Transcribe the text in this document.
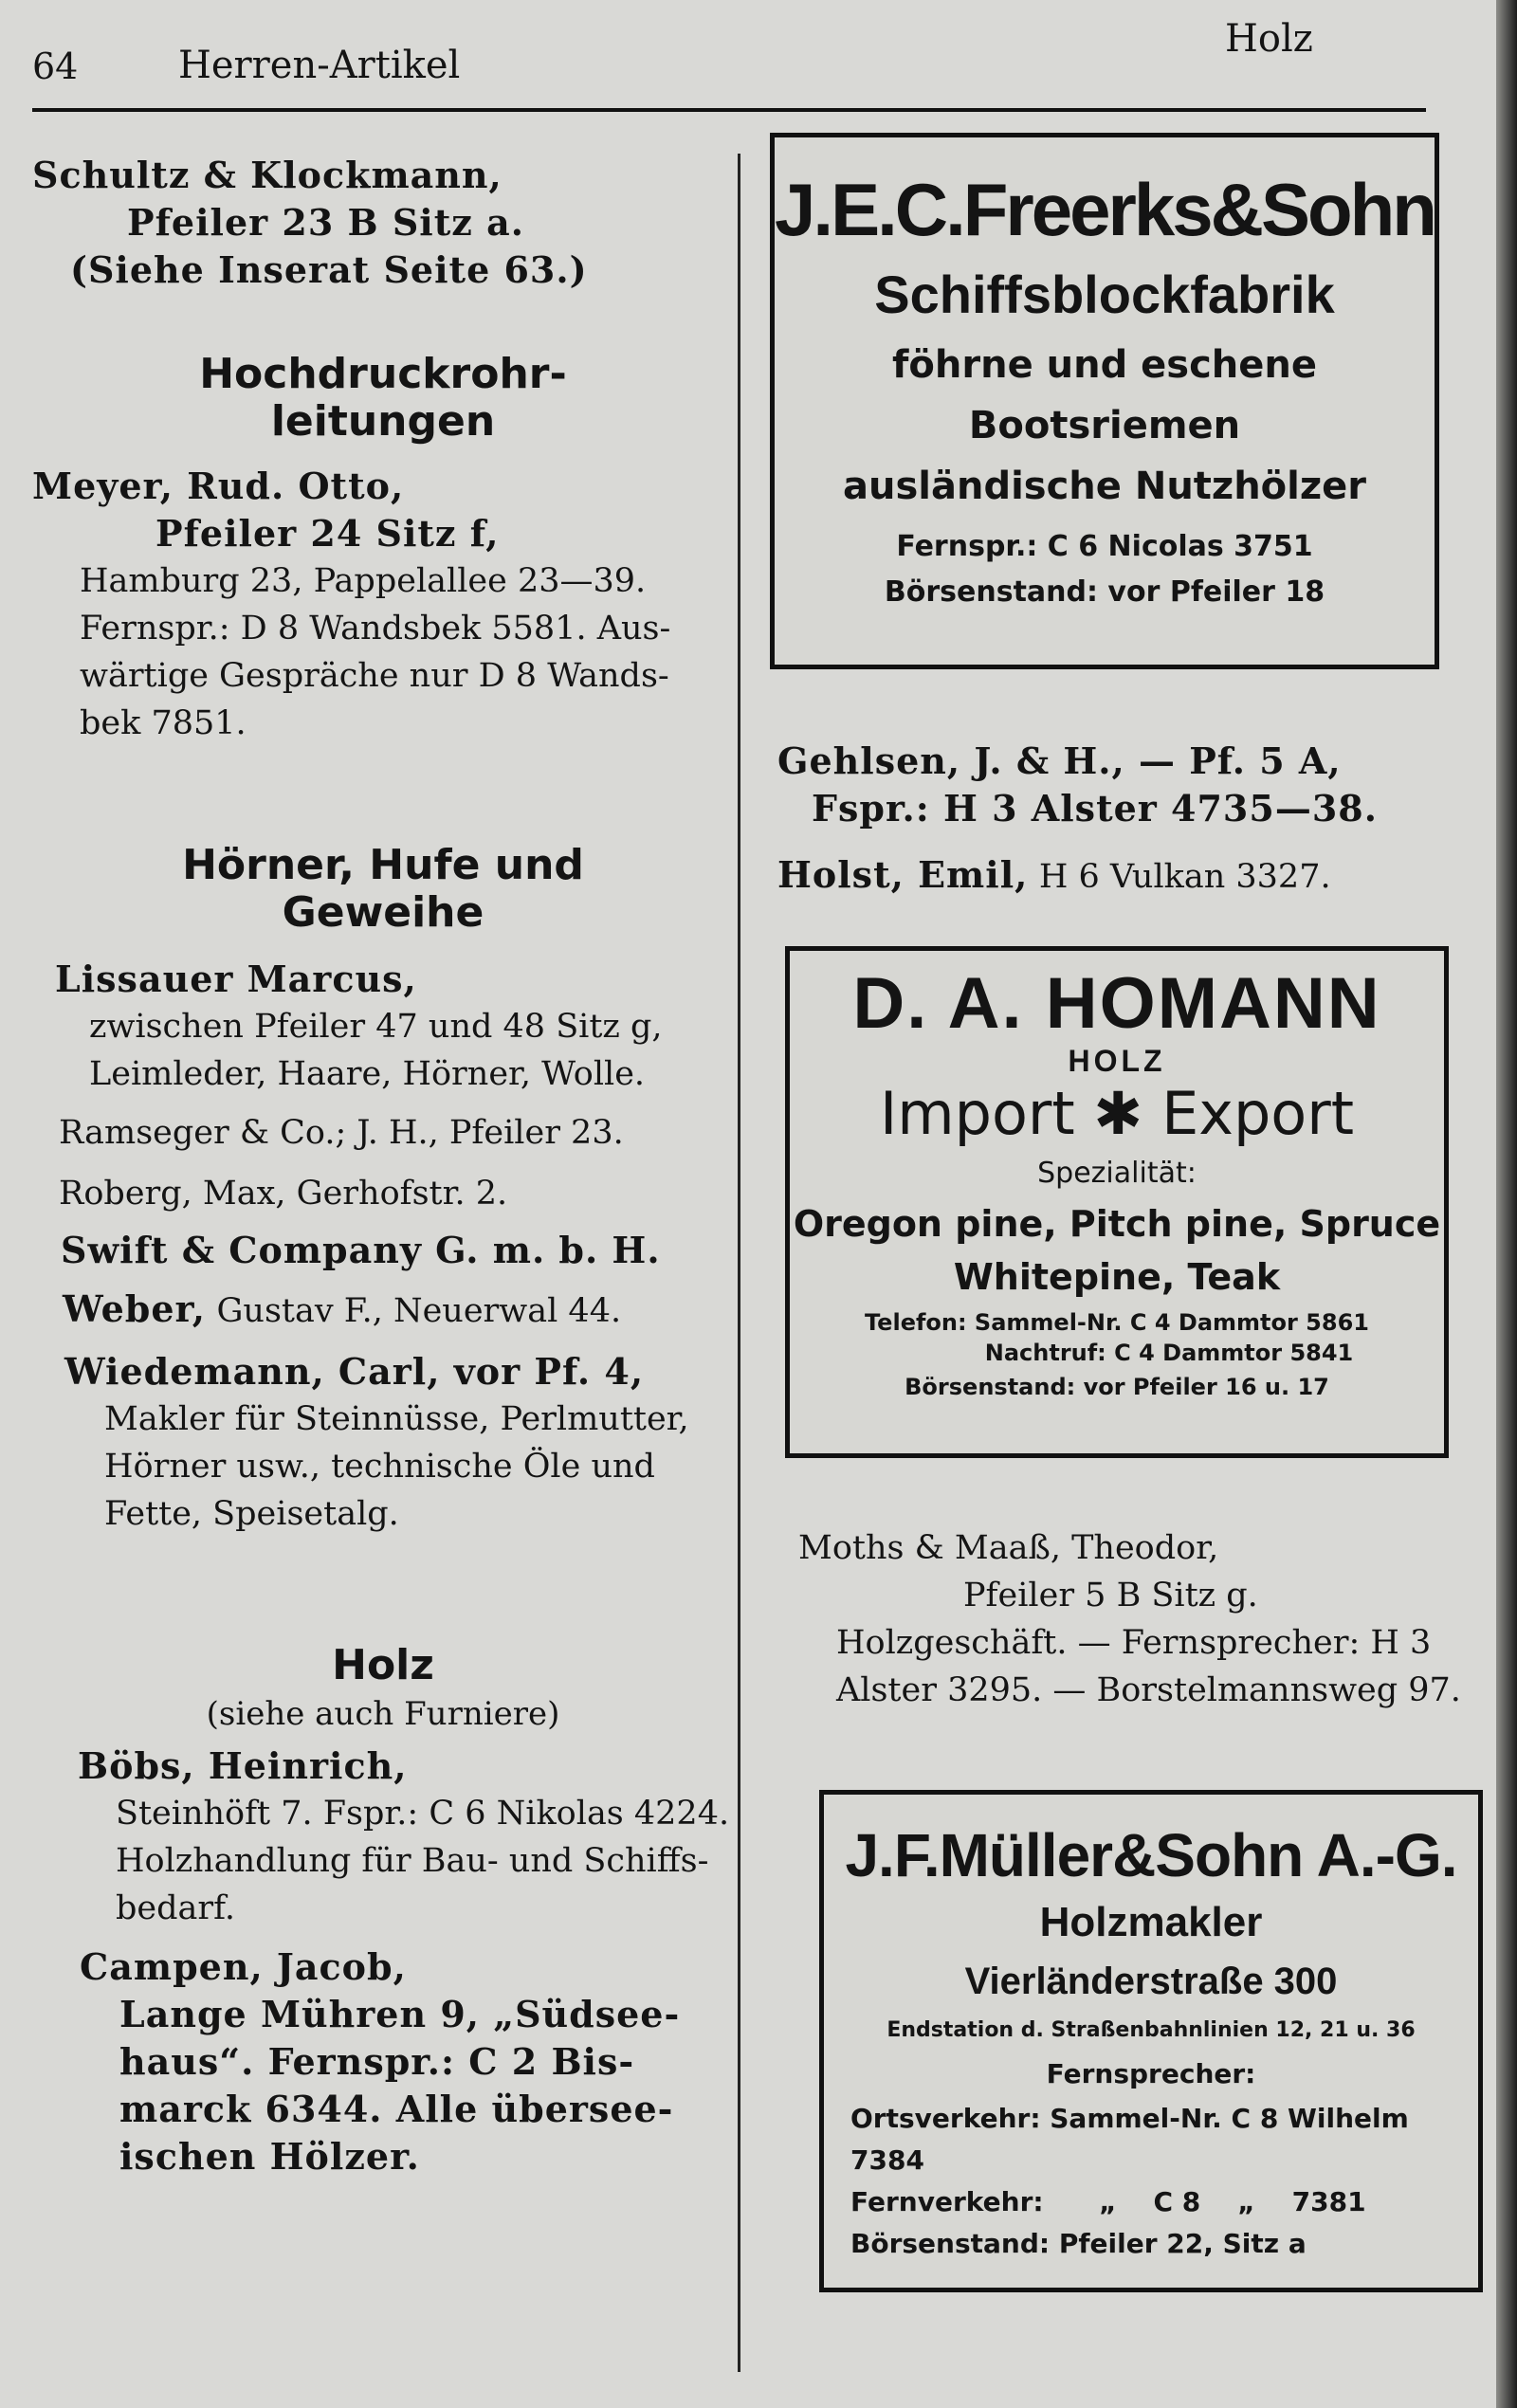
64	Herren-Artikel
Holz
Schultz & Klockmann,
Pfeiler 23 B Sitz a.
(Siehe Inserat Seite 63.)
Hochdruckrohr-
leitungen
Meyer, Rud. Otto,
Pfeiler 24 Sitz f,
Hamburg 23, Pappelallee 23—39.
Fernspr.: D 8 Wandsbek 5581. Aus-
wärtige Gespräche nur D 8 Wands-
bek 7851.
Hörner, Hufe und
Geweihe
Lissauer Marcus,
zwischen Pfeiler 47 und 48 Sitz g,
Leimleder, Haare, Hörner, Wolle.
Ramseger & Co.; J. H., Pfeiler 23.
Roberg, Max, Gerhofstr. 2.
Swift & Company G. m. b. H.
Weber, Gustav F., Neuerwal 44.
Wiedemann, Carl, vor Pf. 4,
Makler für Steinnüsse, Perlmutter,
Hörner usw., technische Öle und
Fette, Speisetalg.
Holz
(siehe auch Furniere)
Böbs, Heinrich,
Steinhöft 7. Fspr.: C 6 Nikolas 4224.
Holzhandlung für Bau- und Schiffs-
bedarf.
Campen, Jacob,
Lange Mühren 9, „Südsee-
haus“. Fernspr.: C 2 Bis-
marck 6344. Alle übersee-
ischen Hölzer.
J.E.C.Freerks&Sohn
Schiffsblockfabrik
föhrne und eschene Bootsriemen
ausländische Nutzhölzer
Fernspr.: C 6 Nicolas 3751
Börsenstand: vor Pfeiler 18
Gehlsen, J. & H., — Pf. 5 A,
Fspr.: H 3 Alster 4735—38.
Holst, Emil, H 6 Vulkan 3327.
D. A. HOMANN
HOLZ
Import ✱ Export
Spezialität:
Oregon pine, Pitch pine, Spruce
Whitepine, Teak
Telefon: Sammel-Nr. C 4 Dammtor 5861
Nachtruf: C 4 Dammtor 5841
Börsenstand: vor Pfeiler 16 u. 17
Moths & Maaß, Theodor,
Pfeiler 5 B Sitz g.
Holzgeschäft. — Fernsprecher: H 3
Alster 3295. — Borstelmannsweg 97.
J.F.Müller&Sohn A.-G.
Holzmakler
Vierländerstraße 300
Endstation d. Straßenbahnlinien 12, 21 u. 36
Fernsprecher:
Ortsverkehr: Sammel-Nr. C 8 Wilhelm 7384
Fernverkehr:      „    C 8    „    7381
Börsenstand: Pfeiler 22, Sitz a
